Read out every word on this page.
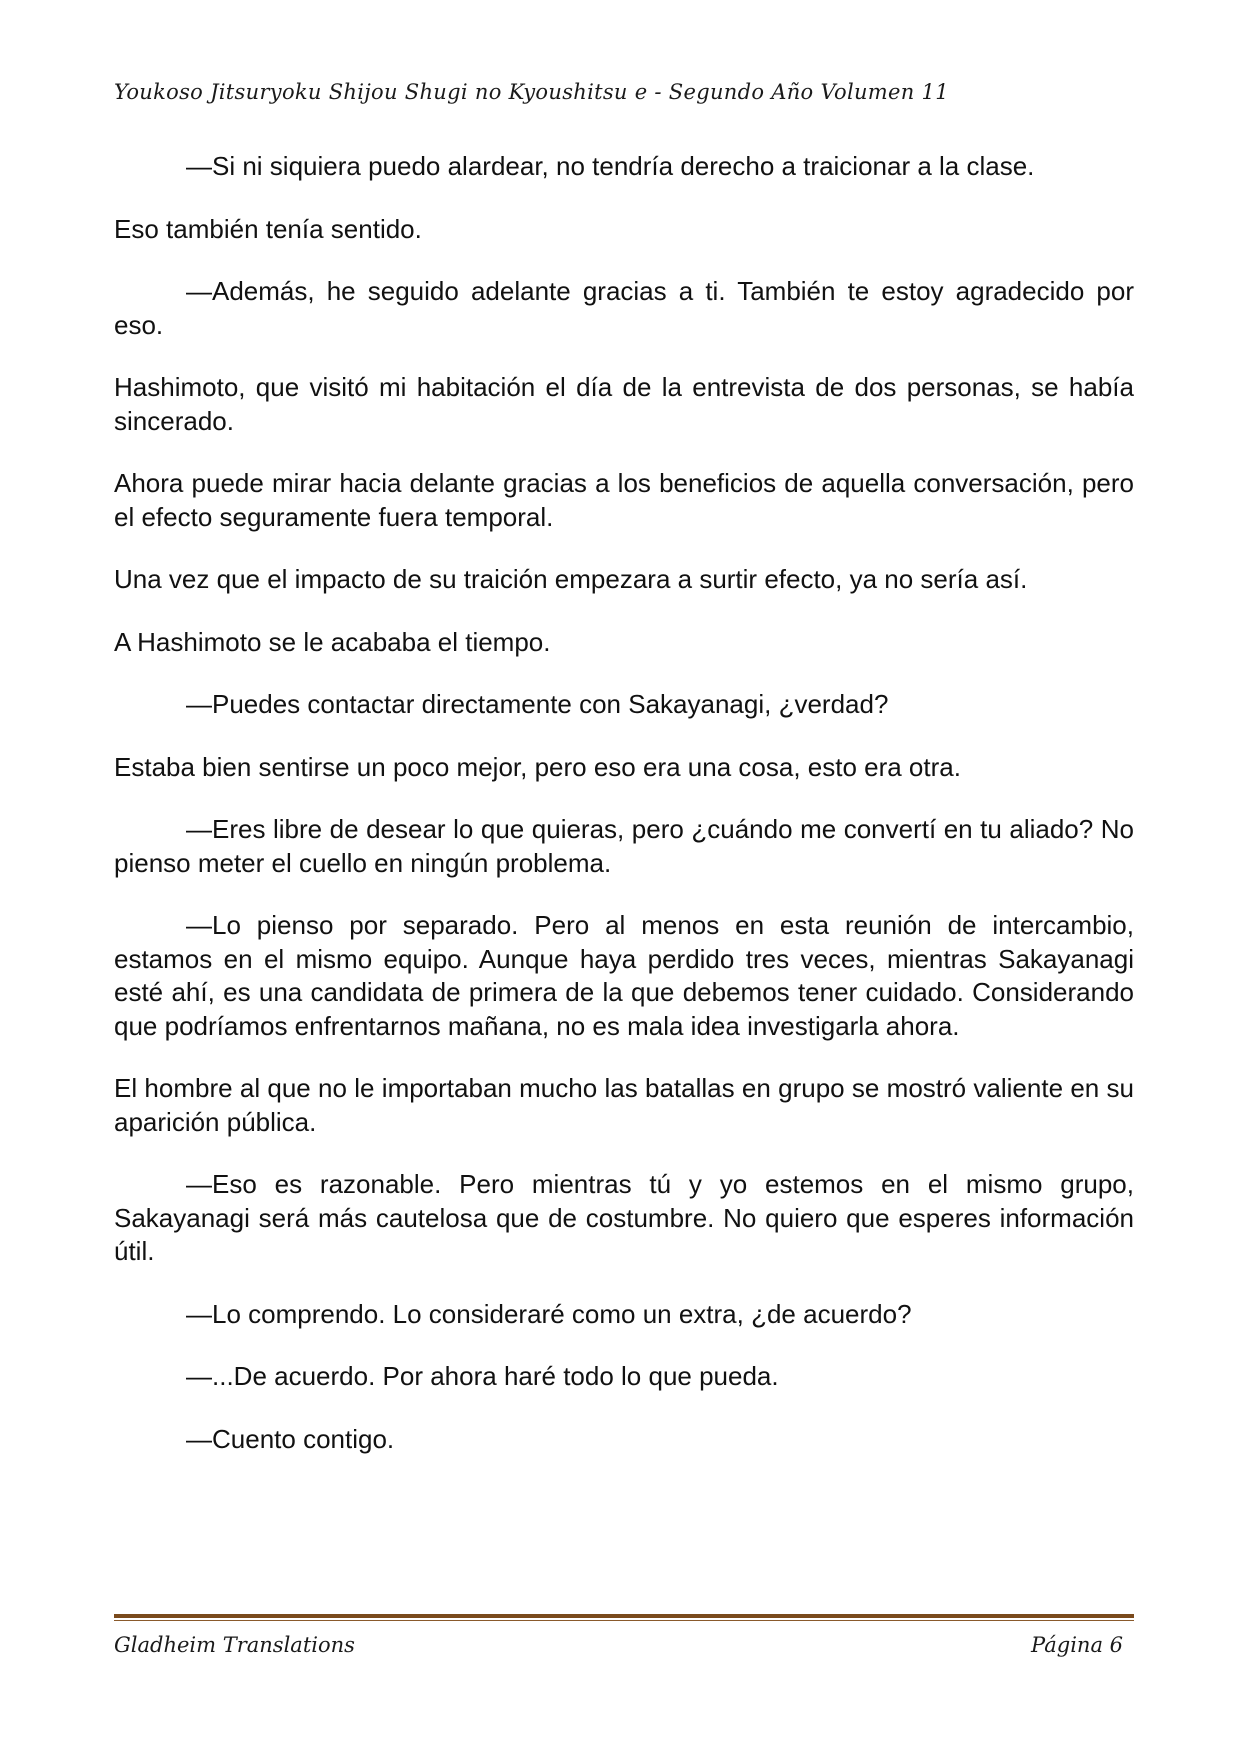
Youkoso Jitsuryoku Shijou Shugi no Kyoushitsu e - Segundo Año Volumen 11

—Si ni siquiera puedo alardear, no tendría derecho a traicionar a la clase.

Eso también tenía sentido.

—Además, he seguido adelante gracias a ti. También te estoy agradecido por eso.

Hashimoto, que visitó mi habitación el día de la entrevista de dos personas, se había sincerado.

Ahora puede mirar hacia delante gracias a los beneficios de aquella conversación, pero el efecto seguramente fuera temporal.

Una vez que el impacto de su traición empezara a surtir efecto, ya no sería así.

A Hashimoto se le acababa el tiempo.

—Puedes contactar directamente con Sakayanagi, ¿verdad?

Estaba bien sentirse un poco mejor, pero eso era una cosa, esto era otra.

—Eres libre de desear lo que quieras, pero ¿cuándo me convertí en tu aliado? No pienso meter el cuello en ningún problema.

—Lo pienso por separado. Pero al menos en esta reunión de intercambio, estamos en el mismo equipo. Aunque haya perdido tres veces, mientras Sakayanagi esté ahí, es una candidata de primera de la que debemos tener cuidado. Considerando que podríamos enfrentarnos mañana, no es mala idea investigarla ahora.

El hombre al que no le importaban mucho las batallas en grupo se mostró valiente en su aparición pública.

—Eso es razonable. Pero mientras tú y yo estemos en el mismo grupo, Sakayanagi será más cautelosa que de costumbre. No quiero que esperes información útil.

—Lo comprendo. Lo consideraré como un extra, ¿de acuerdo?

—...De acuerdo. Por ahora haré todo lo que pueda.

—Cuento contigo.

Gladheim Translations	Página 6
